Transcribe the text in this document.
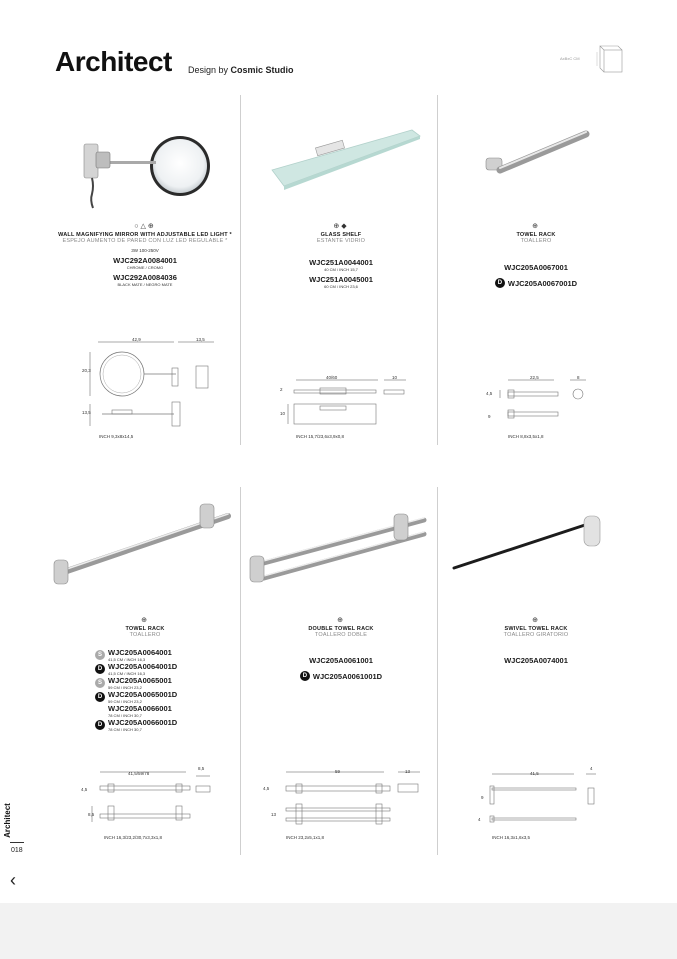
Architect Design by Cosmic Studio
AxBxC CM
○△⊕
WALL MAGNIFYING MIRROR WITH ADJUSTABLE LED LIGHT *
ESPEJO AUMENTO DE PARED CON LUZ LED REGULABLE *
3W 100-250V
WJC292A0084001
CHROME / CROMO
WJC292A0084036
BLACK MATE / NEGRO MATE
42,9	13,5
20,3
13,5
INCH 9,3x8x14,5
⊕◆
GLASS SHELF
ESTANTE VIDRIO
WJC251A0044001
40 CM / INCH 15,7
WJC251A0045001
60 CM / INCH 23,6
40/60	10
2
10
INCH 15,7/23,6x3,9x0,8
⊕
TOWEL RACK
TOALLERO
WJC205A0067001
D WJC205A0067001D
22,5	8
4,5
9
INCH 8,8x3,5x1,8
⊕
TOWEL RACK
TOALLERO
S WJC205A0064001
41,5 CM / INCH 16,3
D WJC205A0064001D
41,5 CM / INCH 16,3
S WJC205A0065001
59 CM / INCH 23,2
D WJC205A0065001D
59 CM / INCH 23,2
WJC205A0066001
78 CM / INCH 30,7
D WJC205A0066001D
78 CM / INCH 30,7
41,5/59/78
8,5
4,5
8,5
INCH 16,3/23,2/30,7x3,3x1,8
⊕
DOUBLE TOWEL RACK
TOALLERO DOBLE
WJC205A0061001
D WJC205A0061001D
59	13
4,5
13
INCH 23,2x5,1x1,8
⊕
SWIVEL TOWEL RACK
TOALLERO GIRATORIO
WJC205A0074001
41,5
4
9
4
INCH 16,3x1,6x3,5
Architect
018
‹
